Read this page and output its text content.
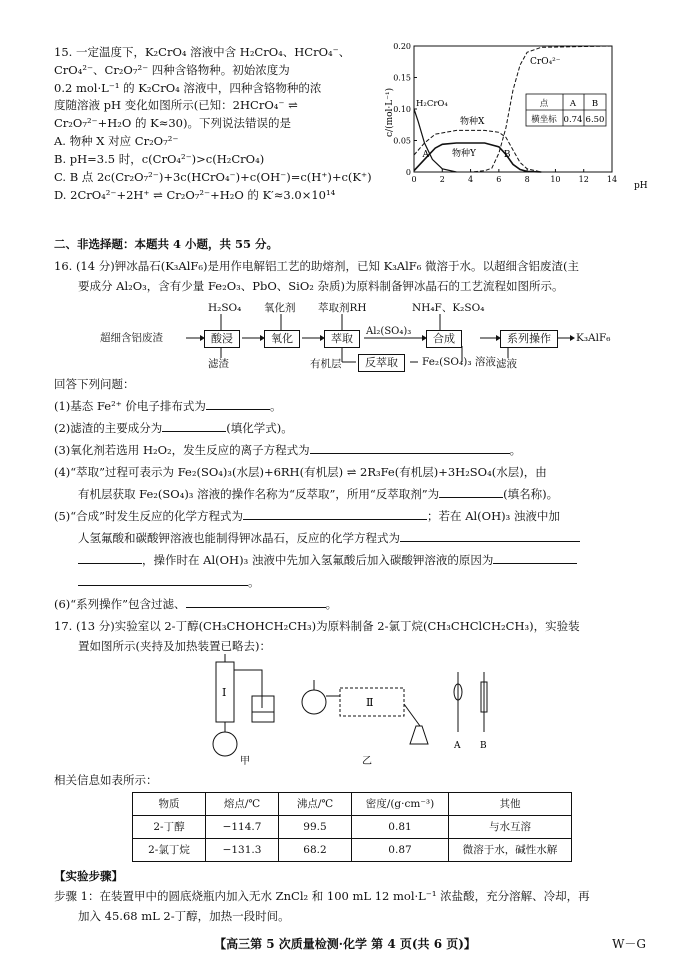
15. 一定温度下，K₂CrO₄ 溶液中含 H₂CrO₄、HCrO₄⁻、
CrO₄²⁻、Cr₂O₇²⁻ 四种含铬物种。初始浓度为
0.2 mol·L⁻¹ 的 K₂CrO₄ 溶液中，四种含铬物种的浓
度随溶液 pH 变化如图所示(已知：2HCrO₄⁻ ⇌
Cr₂O₇²⁻+H₂O 的 K≈30)。下列说法错误的是
A. 物种 X 对应 Cr₂O₇²⁻
B. pH=3.5 时，c(CrO₄²⁻)>c(H₂CrO₄)
C. B 点 2c(Cr₂O₇²⁻)+3c(HCrO₄⁻)+c(OH⁻)=c(H⁺)+c(K⁺)
D. 2CrO₄²⁻+2H⁺ ⇌ Cr₂O₇²⁻+H₂O 的 K′≈3.0×10¹⁴
0	2	4	6	8	10 12 14
0
0.05
0.10
0.15
0.20
A	B
c/(mol·L⁻¹)
pH
CrO₄²⁻
H₂CrO₄
物种X
物种Y
点	A B
横坐标 0.74 6.50
二、非选择题：本题共 4 小题，共 55 分。
16. (14 分)钾冰晶石(K₃AlF₆)是用作电解铝工艺的助熔剂，已知 K₃AlF₆ 微溶于水。以超细含铝废渣(主
要成分 Al₂O₃，含有少量 Fe₂O₃、PbO、SiO₂ 杂质)为原料制备钾冰晶石的工艺流程如图所示。
超细含铝废渣	酸浸	氧化	萃取	合成	系列操作
反萃取
H₂SO₄ 氧化剂 萃取剂RH	NH₄F、K₂SO₄
Al₂(SO₄)₃
滤渣	有机层	滤液
K₃AlF₆
Fe₂(SO₄)₃ 溶液
回答下列问题：
(1)基态 Fe²⁺ 价电子排布式为	。
(2)滤渣的主要成分为	(填化学式)。
(3)氧化剂若选用 H₂O₂，发生反应的离子方程式为	。
(4)“萃取”过程可表示为 Fe₂(SO₄)₃(水层)+6RH(有机层) ⇌ 2R₃Fe(有机层)+3H₂SO₄(水层)，由
有机层获取 Fe₂(SO₄)₃ 溶液的操作名称为“反萃取”，所用“反萃取剂”为	(填名称)。
(5)“合成”时发生反应的化学方程式为	；若在 Al(OH)₃ 浊液中加
人氢氟酸和碳酸钾溶液也能制得钾冰晶石，反应的化学方程式为
，操作时在 Al(OH)₃ 浊液中先加入氢氟酸后加入碳酸钾溶液的原因为
。
(6)“系列操作”包含过滤、	。
17. (13 分)实验室以 2-丁醇(CH₃CHOHCH₂CH₃)为原料制备 2-氯丁烷(CH₃CHClCH₂CH₃)，实验装
置如图所示(夹持及加热装置已略去)：
Ⅰ
甲
Ⅱ
乙
A B
相关信息如表所示：
物质	熔点/℃	沸点/℃	密度/(g·cm⁻³)	其他
2-丁醇	−114.7	99.5	0.81	与水互溶
2-氯丁烷	−131.3	68.2	0.87	微溶于水，碱性水解
【实验步骤】
步骤 1：在装置甲中的圆底烧瓶内加入无水 ZnCl₂ 和 100 mL 12 mol·L⁻¹ 浓盐酸，充分溶解、冷却，再
加入 45.68 mL 2-丁醇，加热一段时间。
【高三第 5 次质量检测·化学 第 4 页(共 6 页)】	W－G
